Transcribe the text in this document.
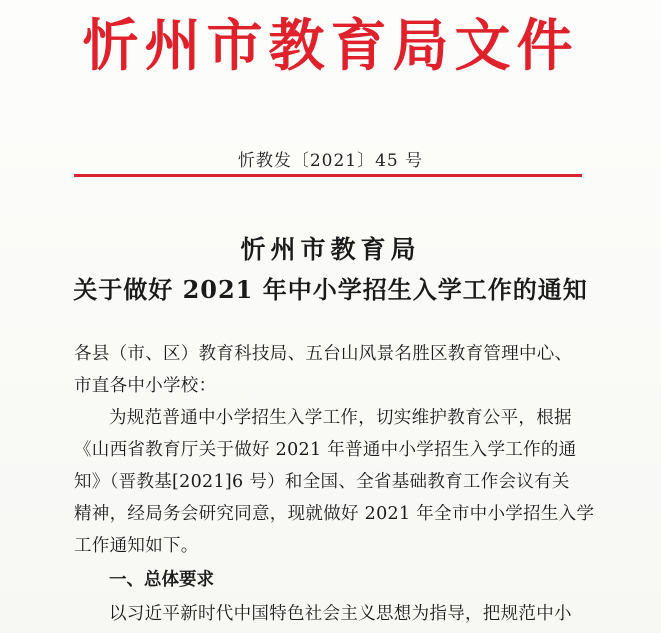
忻州市教育局文件
忻教发〔2021〕45 号
忻州市教育局
关于做好 2021 年中小学招生入学工作的通知
各县（市、区）教育科技局、五台山风景名胜区教育管理中心、
市直各中小学校：
为规范普通中小学招生入学工作，切实维护教育公平，根据
《山西省教育厅关于做好 2021 年普通中小学招生入学工作的通
知》（晋教基[2021]6 号）和全国、全省基础教育工作会议有关
精神，经局务会研究同意，现就做好 2021 年全市中小学招生入学
工作通知如下。
一、总体要求
以习近平新时代中国特色社会主义思想为指导，把规范中小
